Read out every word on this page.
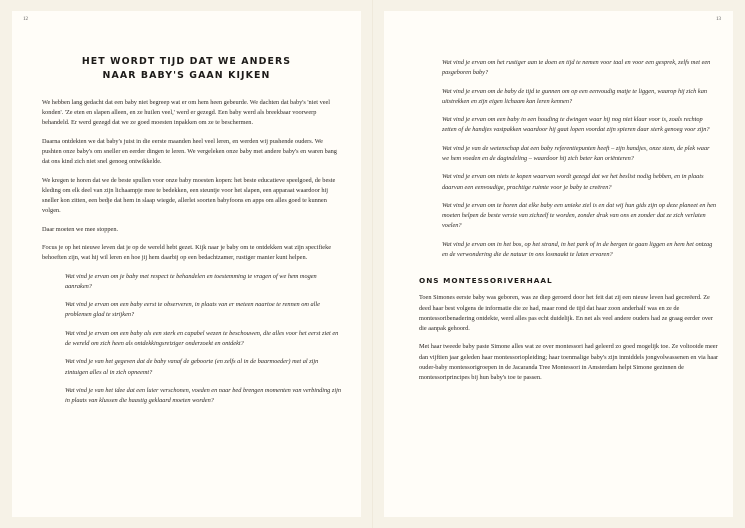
12
HET WORDT TIJD DAT WE ANDERS
NAAR BABY'S GAAN KIJKEN

We hebben lang gedacht dat een baby niet begreep wat er om hem heen gebeurde. We dachten dat baby's 'niet veel konden'. 'Ze eten en slapen alleen, en ze huilen veel,' werd er gezegd. Een baby werd als breekbaar voorwerp behandeld. Er werd gezegd dat we ze goed moesten inpakken om ze te beschermen.

Daarna ontdekten we dat baby's juist in die eerste maanden heel veel leren, en werden wij pushende ouders. We pushten onze baby's om sneller en eerder dingen te leren. We vergeleken onze baby met andere baby's en waren bang dat ons kind zich niet snel genoeg ontwikkelde.

We kregen te horen dat we de beste spullen voor onze baby moesten kopen: het beste educatieve speelgoed, de beste kleding om elk deel van zijn lichaampje mee te bedekken, een steuntje voor het slapen, een apparaat waardoor hij sneller kon zitten, een bedje dat hem in slaap wiegde, allerlei soorten babyfoons en apps om alles goed te kunnen volgen.

Daar moeten we mee stoppen.

Focus je op het nieuwe leven dat je op de wereld hebt gezet. Kijk naar je baby om te ontdekken wat zijn specifieke behoeften zijn, wat hij wil leren en hoe jij hem daarbij op een bedachtzamer, rustiger manier kunt helpen.

Wat vind je ervan om je baby met respect te behandelen en toestemming te vragen of we hem mogen aanraken?

Wat vind je ervan om een baby eerst te observeren, in plaats van er meteen naartoe te rennen om alle problemen glad te strijken?

Wat vind je ervan om een baby als een sterk en capabel wezen te beschouwen, die alles voor het eerst ziet en de wereld om zich heen als ontdekkingsreiziger onderzoekt en ontdekt?

Wat vind je van het gegeven dat de baby vanaf de geboorte (en zelfs al in de baarmoeder) met al zijn zintuigen alles al in zich opneemt?

Wat vind je van het idee dat een luier verschonen, voeden en naar bed brengen momenten van verbinding zijn in plaats van klussen die haastig geklaard moeten worden?

13

Wat vind je ervan om het rustiger aan te doen en tijd te nemen voor taal en voor een gesprek, zelfs met een pasgeboren baby?

Wat vind je ervan om de baby de tijd te gunnen om op een eenvoudig matje te liggen, waarop hij zich kan uitstrekken en zijn eigen lichaam kan leren kennen?

Wat vind je ervan om een baby in een houding te dwingen waar hij nog niet klaar voor is, zoals rechtop zetten of de handjes vastpakken waardoor hij gaat lopen voordat zijn spieren daar sterk genoeg voor zijn?

Wat vind je van de wetenschap dat een baby referentiepunten heeft – zijn handjes, onze stem, de plek waar we hem voeden en de dagindeling – waardoor hij zich beter kan oriënteren?

Wat vind je ervan om niets te kopen waarvan wordt gezegd dat we het beslist nodig hebben, en in plaats daarvan een eenvoudige, prachtige ruimte voor je baby te creëren?

Wat vind je ervan om te horen dat elke baby een unieke ziel is en dat wij hun gids zijn op deze planeet en hen moeten helpen de beste versie van zichzelf te worden, zonder druk van ons en zonder dat ze zich verlaten voelen?

Wat vind je ervan om in het bos, op het strand, in het park of in de bergen te gaan liggen en hem het ontzag en de verwondering die de natuur in ons losmaakt te laten ervaren?

ONS MONTESSORIVERHAAL

Toen Simones eerste baby was geboren, was ze diep geroerd door het feit dat zij een nieuw leven had gecreëerd. Ze deed haar best volgens de informatie die ze had, maar rond de tijd dat haar zoon anderhalf was en ze de montessoribenadering ontdekte, werd alles pas echt duidelijk. En net als veel andere ouders had ze graag eerder over die aanpak gehoord.

Met haar tweede baby paste Simone alles wat ze over montessori had geleerd zo goed mogelijk toe. Ze voltooide meer dan vijftien jaar geleden haar montessoriopleiding; haar toenmalige baby's zijn inmiddels jongvolwassenen en via haar ouder-baby montessorigroepen in de Jacaranda Tree Montessori in Amsterdam helpt Simone gezinnen de montessoriprincipes bij hun baby's toe te passen.
